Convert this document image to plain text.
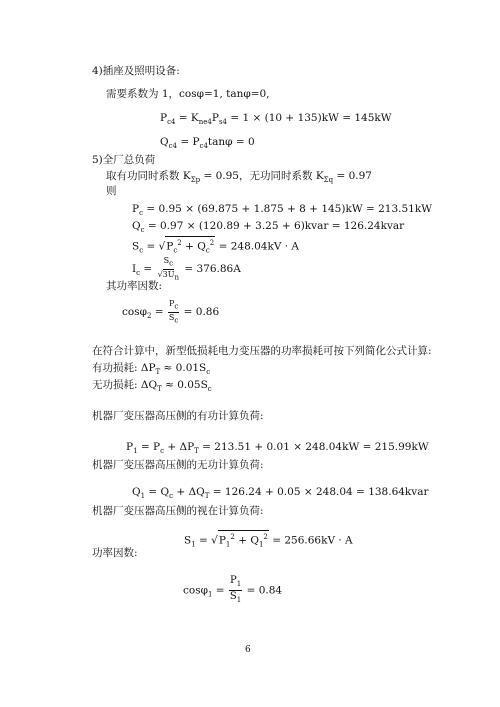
4)插座及照明设备:
需要系数为 1，cosφ=1, tanφ=0,
$P_{c4} = K_{ne4}P_{s4} = 1 \times (10 + 135)kW = 145kW$
$Q_{c4} = P_{c4}\tan\varphi = 0$
5)全厂总负荷
取有功同时系数 $K_{\Sigma p} = 0.95$，无功同时系数 $K_{\Sigma q} = 0.97$
则
$P_c = 0.95 \times (69.875 + 1.875 + 8 + 145)kW = 213.51kW$
$Q_c = 0.97 \times (120.89 + 3.25$ + 6)kvar = 126.24kvar
$S_c = √P_c^2 + Q_c^2 = 248.04kV \cdot A$
$I_c = \frac{S_c}{√3U_n} = 376.86A$
其功率因数:
$\cos\varphi_2 = \frac{P_c}{S_c} = 0.86$
在符合计算中，新型低损耗电力变压器的功率损耗可按下列简化公式计算:
有功损耗: $\Delta P_T \approx 0.01S_c$
无功损耗: $\Delta Q_T \approx 0.05S_c$
机器厂变压器高压侧的有功计算负荷:
$P_1 = P_c + \Delta P_T = 213.51 + 0.01 \times 248.04kW = 215.99kW$
机器厂变压器高压侧的无功计算负荷:
$Q_1 = Q_c + \Delta Q_T = 126.24 + 0.05 \times 248.04$ = 138.64kvar
机器厂变压器高压侧的视在计算负荷:
$S_1 = √P_1^2 + Q_1^2 = 256.66kV \cdot A$
功率因数:
$\cos\varphi_1 = \frac{P_1}{S_1} = 0.84$
6
